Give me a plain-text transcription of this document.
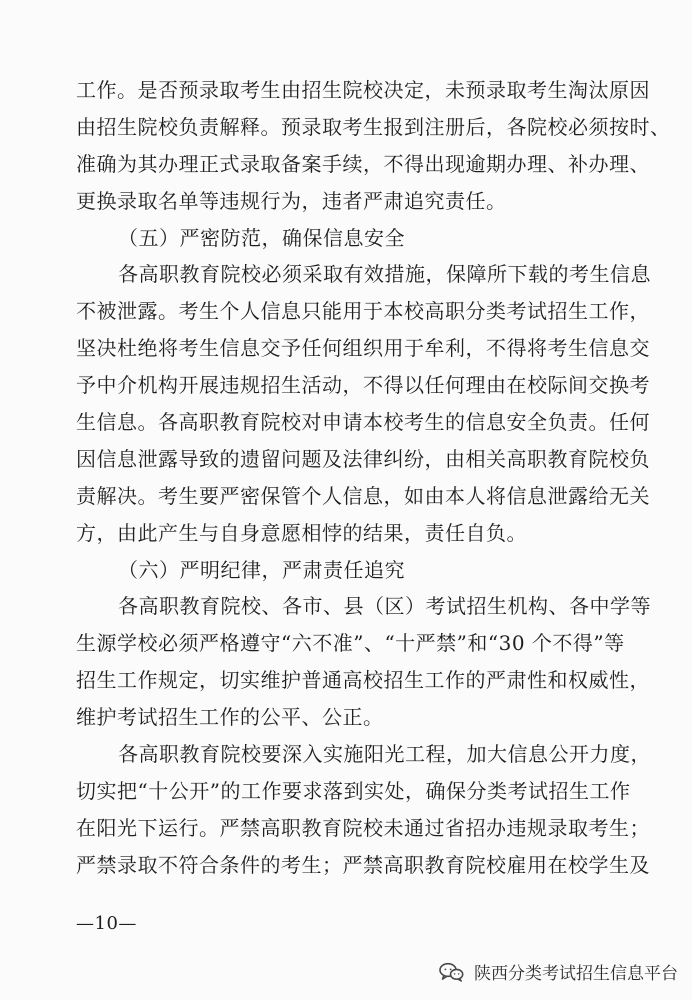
工作。是否预录取考生由招生院校决定，未预录取考生淘汰原因
由招生院校负责解释。预录取考生报到注册后，各院校必须按时、
准确为其办理正式录取备案手续，不得出现逾期办理、补办理、
更换录取名单等违规行为，违者严肃追究责任。
（五）严密防范，确保信息安全
各高职教育院校必须采取有效措施，保障所下载的考生信息
不被泄露。考生个人信息只能用于本校高职分类考试招生工作，
坚决杜绝将考生信息交予任何组织用于牟利，不得将考生信息交
予中介机构开展违规招生活动，不得以任何理由在校际间交换考
生信息。各高职教育院校对申请本校考生的信息安全负责。任何
因信息泄露导致的遗留问题及法律纠纷，由相关高职教育院校负
责解决。考生要严密保管个人信息，如由本人将信息泄露给无关
方，由此产生与自身意愿相悖的结果，责任自负。
（六）严明纪律，严肃责任追究
各高职教育院校、各市、县（区）考试招生机构、各中学等
生源学校必须严格遵守“六不准”、“十严禁”和“30 个不得”等
招生工作规定，切实维护普通高校招生工作的严肃性和权威性，
维护考试招生工作的公平、公正。
各高职教育院校要深入实施阳光工程，加大信息公开力度，
切实把“十公开”的工作要求落到实处，确保分类考试招生工作
在阳光下运行。严禁高职教育院校未通过省招办违规录取考生；
严禁录取不符合条件的考生；严禁高职教育院校雇用在校学生及
—10—
陕西分类考试招生信息平台
